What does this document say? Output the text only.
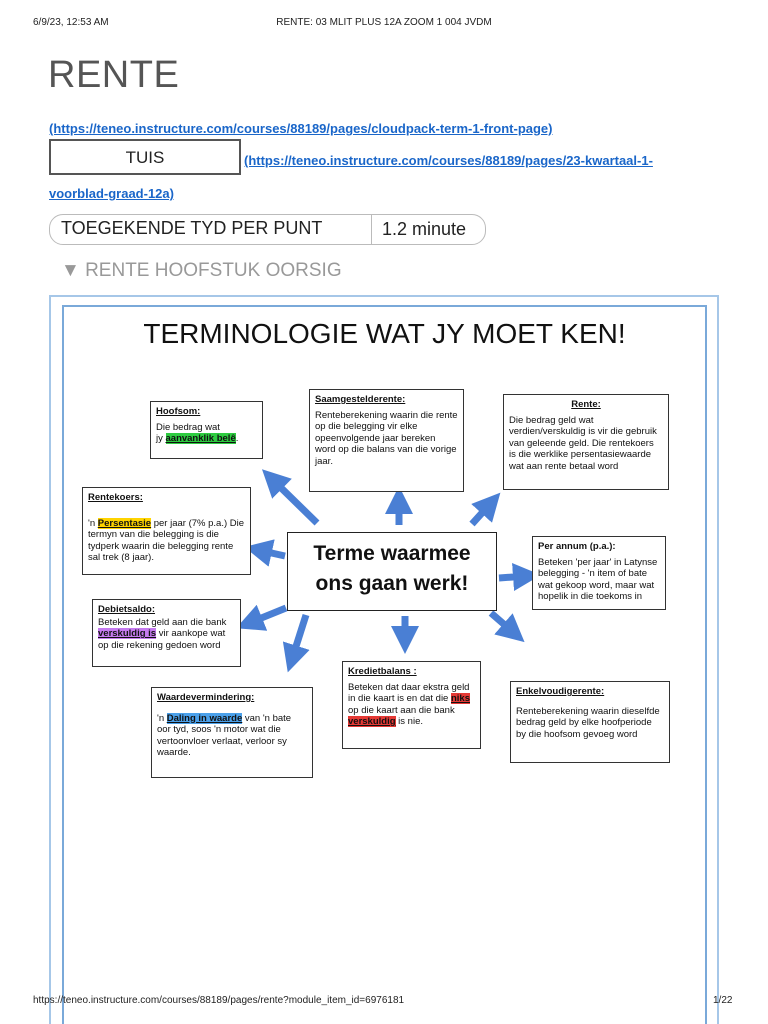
6/9/23, 12:53 AM	RENTE: 03 MLIT PLUS 12A ZOOM 1 004 JVDM
RENTE
(https://teneo.instructure.com/courses/88189/pages/cloudpack-term-1-front-page)
TUIS	(https://teneo.instructure.com/courses/88189/pages/23-kwartaal-1-
voorblad-graad-12a)
TOEGEKENDE TYD PER PUNT	1.2 minute
▼ RENTE HOOFSTUK OORSIG
TERMINOLOGIE WAT JY MOET KEN!
Terme waarmee
ons gaan werk!
Hoofsom:
Die bedrag wat
jy aanvanklik belê.
Saamgestelderente:
Renteberekening waarin die rente op die belegging vir elke opeenvolgende jaar bereken word op die balans van die vorige jaar.
Rente:
Die bedrag geld wat verdien/verskuldig is vir die gebruik van geleende geld. Die rentekoers is die werklike persentasiewaarde wat aan rente betaal word
Rentekoers:
'n Persentasie per jaar (7% p.a.) Die termyn van die belegging is die tydperk waarin die belegging rente sal trek (8 jaar).
Per annum (p.a.):
Beteken 'per jaar' in Latynse belegging - 'n item of bate wat gekoop word, maar wat hopelik in die toekoms in
Debietsaldo:
Beteken dat geld aan die bank verskuldig is vir aankope wat op die rekening gedoen word
Kredietbalans :
Beteken dat daar ekstra geld in die kaart is en dat die niks op die kaart aan die bank verskuldig is nie.
Enkelvoudigerente:
Renteberekening waarin dieselfde bedrag geld by elke hoofperiode by die hoofsom gevoeg word
Waardevermindering:
'n Daling in waarde van 'n bate oor tyd, soos 'n motor wat die vertoonvloer verlaat, verloor sy waarde.
https://teneo.instructure.com/courses/88189/pages/rente?module_item_id=6976181	1/22
